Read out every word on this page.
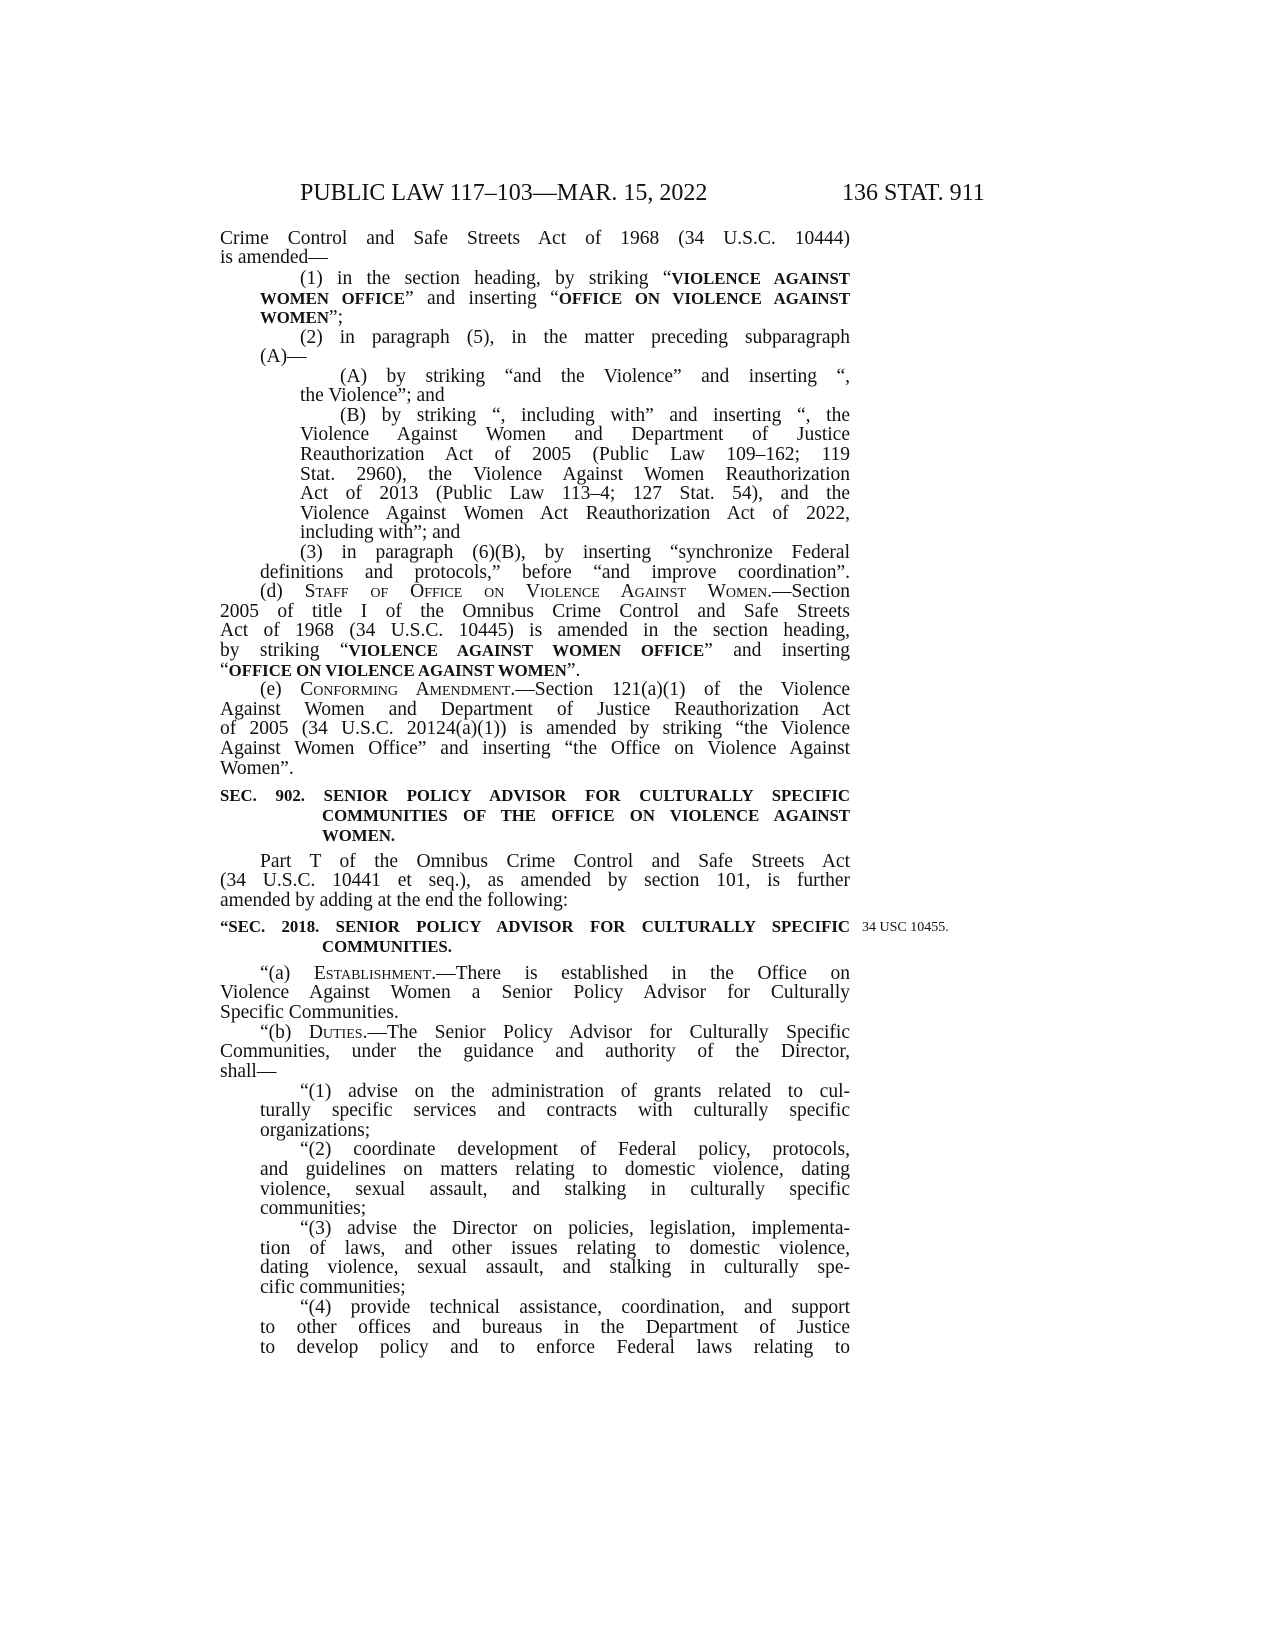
PUBLIC LAW 117–103—MAR. 15, 2022	136 STAT. 911
34 USC 10455.
Crime Control and Safe Streets Act of 1968 (34 U.S.C. 10444)
is amended—
(1) in the section heading, by striking “VIOLENCE AGAINST
WOMEN OFFICE” and inserting “OFFICE ON VIOLENCE AGAINST
WOMEN”;
(2) in paragraph (5), in the matter preceding subparagraph
(A)—
(A) by striking “and the Violence” and inserting “,
the Violence”; and
(B) by striking “, including with” and inserting “, the
Violence Against Women and Department of Justice
Reauthorization Act of 2005 (Public Law 109–162; 119
Stat. 2960), the Violence Against Women Reauthorization
Act of 2013 (Public Law 113–4; 127 Stat. 54), and the
Violence Against Women Act Reauthorization Act of 2022,
including with”; and
(3) in paragraph (6)(B), by inserting “synchronize Federal
definitions and protocols,” before “and improve coordination”.
(d) Staff of Office on Violence Against Women.—Section
2005 of title I of the Omnibus Crime Control and Safe Streets
Act of 1968 (34 U.S.C. 10445) is amended in the section heading,
by striking “VIOLENCE AGAINST WOMEN OFFICE” and inserting
“OFFICE ON VIOLENCE AGAINST WOMEN”.
(e) Conforming Amendment.—Section 121(a)(1) of the Violence
Against Women and Department of Justice Reauthorization Act
of 2005 (34 U.S.C. 20124(a)(1)) is amended by striking “the Violence
Against Women Office” and inserting “the Office on Violence Against
Women”.
SEC. 902. SENIOR POLICY ADVISOR FOR CULTURALLY SPECIFIC
COMMUNITIES OF THE OFFICE ON VIOLENCE AGAINST
WOMEN.
Part T of the Omnibus Crime Control and Safe Streets Act
(34 U.S.C. 10441 et seq.), as amended by section 101, is further
amended by adding at the end the following:
“SEC. 2018. SENIOR POLICY ADVISOR FOR CULTURALLY SPECIFIC
COMMUNITIES.
“(a) Establishment.—There is established in the Office on
Violence Against Women a Senior Policy Advisor for Culturally
Specific Communities.
“(b) Duties.—The Senior Policy Advisor for Culturally Specific
Communities, under the guidance and authority of the Director,
shall—
“(1) advise on the administration of grants related to cul-
turally specific services and contracts with culturally specific
organizations;
“(2) coordinate development of Federal policy, protocols,
and guidelines on matters relating to domestic violence, dating
violence, sexual assault, and stalking in culturally specific
communities;
“(3) advise the Director on policies, legislation, implementa-
tion of laws, and other issues relating to domestic violence,
dating violence, sexual assault, and stalking in culturally spe-
cific communities;
“(4) provide technical assistance, coordination, and support
to other offices and bureaus in the Department of Justice
to develop policy and to enforce Federal laws relating to
